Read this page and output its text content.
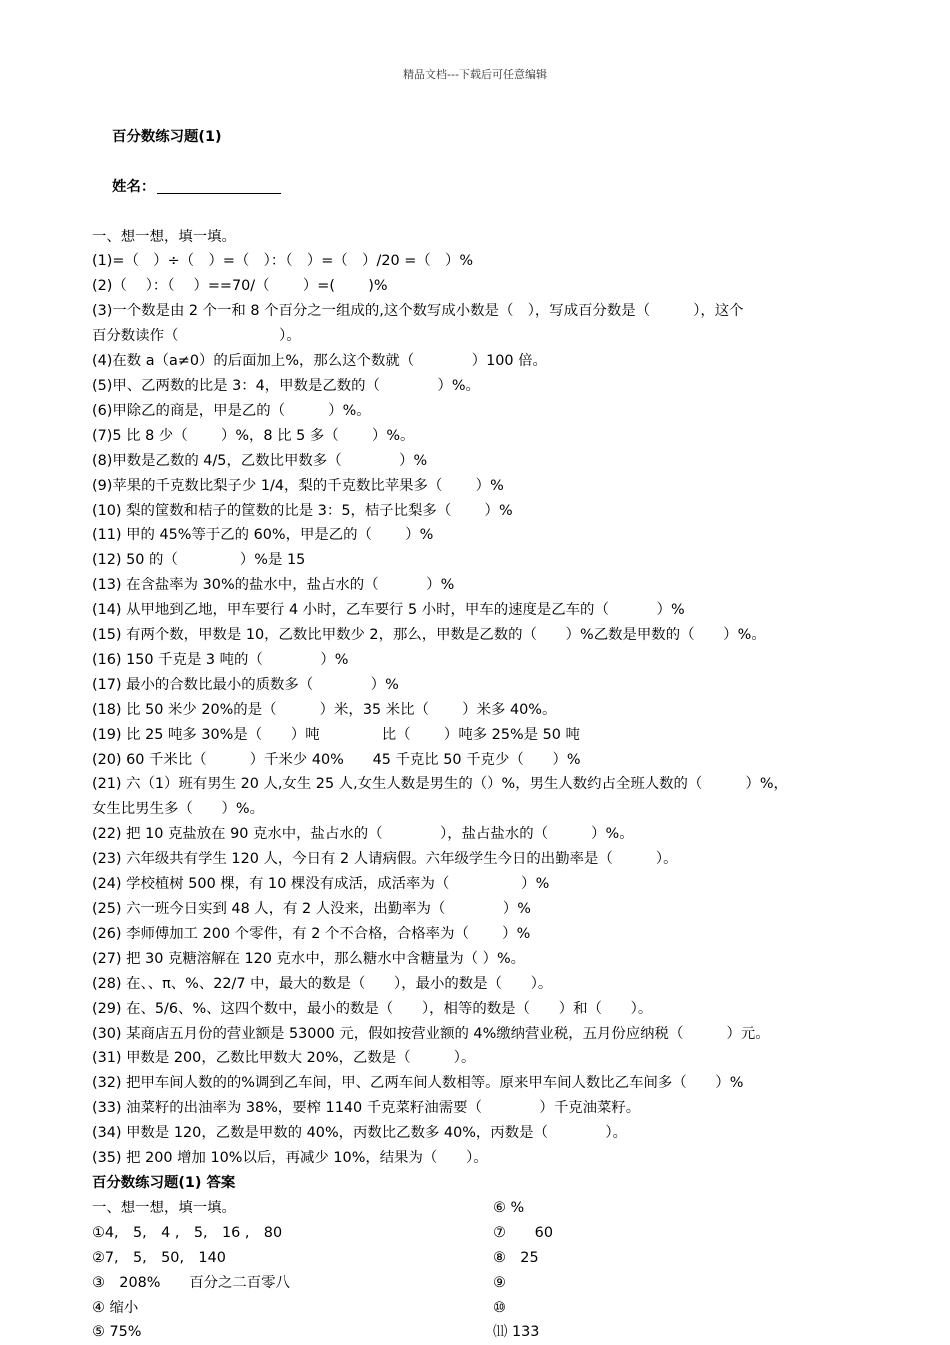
精品文档---下载后可任意编辑

百分数练习题(1)

姓名：

一、想一想，填一填。
(1)=（　）÷（　）=（　）：（　）=（　）/20 =（　）%
(2)（　 ）：（　 ）==70/（　　 ）=(　　 )%
(3)一个数是由 2 个一和 8 个百分之一组成的,这个数写成小数是（　），写成百分数是（　　　），这个
百分数读作（　　　　　　　）。
(4)在数 a（a≠0）的后面加上%，那么这个数就（　　　　）100 倍。
(5)甲、乙两数的比是 3：4，甲数是乙数的（　　　　）%。
(6)甲除乙的商是，甲是乙的（　　　）%。
(7)5 比 8 少（　　 ）%，8 比 5 多（　　 ）%。
(8)甲数是乙数的 4/5，乙数比甲数多（　　　　）%
(9)苹果的千克数比梨子少 1/4，梨的千克数比苹果多（　　 ）%
(10) 梨的筐数和桔子的筐数的比是 3：5，桔子比梨多（　　 ）%
(11) 甲的 45%等于乙的 60%，甲是乙的（　　 ）%
(12) 50 的（　　　　 ）%是 15
(13) 在含盐率为 30%的盐水中，盐占水的（　　　 ）%
(14) 从甲地到乙地，甲车要行 4 小时，乙车要行 5 小时，甲车的速度是乙车的（　　　 ）%
(15) 有两个数，甲数是 10，乙数比甲数少 2，那么，甲数是乙数的（　　）%乙数是甲数的（　　）%。
(16) 150 千克是 3 吨的（　　　　）%
(17) 最小的合数比最小的质数多（　　　　）%
(18) 比 50 米少 20%的是（　　　）米，35 米比（　　 ）米多 40%。
(19) 比 25 吨多 30%是（　　）吨　　　　 比（　　 ）吨多 25%是 50 吨
(20) 60 千米比（　　　）千米少 40%　　45 千克比 50 千克少（　　）%
(21) 六（1）班有男生 20 人,女生 25 人,女生人数是男生的（）%，男生人数约占全班人数的（　　　）%，
女生比男生多（　　）%。
(22) 把 10 克盐放在 90 克水中，盐占水的（　　　　），盐占盐水的（　　　）%。
(23) 六年级共有学生 120 人，今日有 2 人请病假。六年级学生今日的出勤率是（　　　）。
(24) 学校植树 500 棵，有 10 棵没有成活，成活率为（　　　　　）%
(25) 六一班今日实到 48 人，有 2 人没来，出勤率为（　　　　）%
(26) 李师傅加工 200 个零件，有 2 个不合格，合格率为（　　 ）%
(27) 把 30 克糖溶解在 120 克水中，那么糖水中含糖量为（ ）%。
(28) 在、、π、%、22/7 中，最大的数是（　　），最小的数是（　　）。
(29) 在、5/6、%、这四个数中，最小的数是（　　），相等的数是（　　）和（　　）。
(30) 某商店五月份的营业额是 53000 元，假如按营业额的 4%缴纳营业税，五月份应纳税（　　　）元。
(31) 甲数是 200，乙数比甲数大 20%，乙数是（　　　）。
(32) 把甲车间人数的的%调到乙车间，甲、乙两车间人数相等。原来甲车间人数比乙车间多（　　）%
(33) 油菜籽的出油率为 38%，要榨 1140 千克菜籽油需要（　　　　）千克油菜籽。
(34) 甲数是 120，乙数是甲数的 40%，丙数比乙数多 40%，丙数是（　　　　）。
(35) 把 200 增加 10%以后，再减少 10%，结果为（　　）。
百分数练习题(1) 答案
一、想一想，填一填。
①4,　5,　4 ,　5,　16 ,　80
②7,　5,　50,　140
③　208%　　百分之二百零八
④ 缩小
⑤ 75%
⑥ %
⑦　　60
⑧　25
⑨
⑩
⑾ 133
